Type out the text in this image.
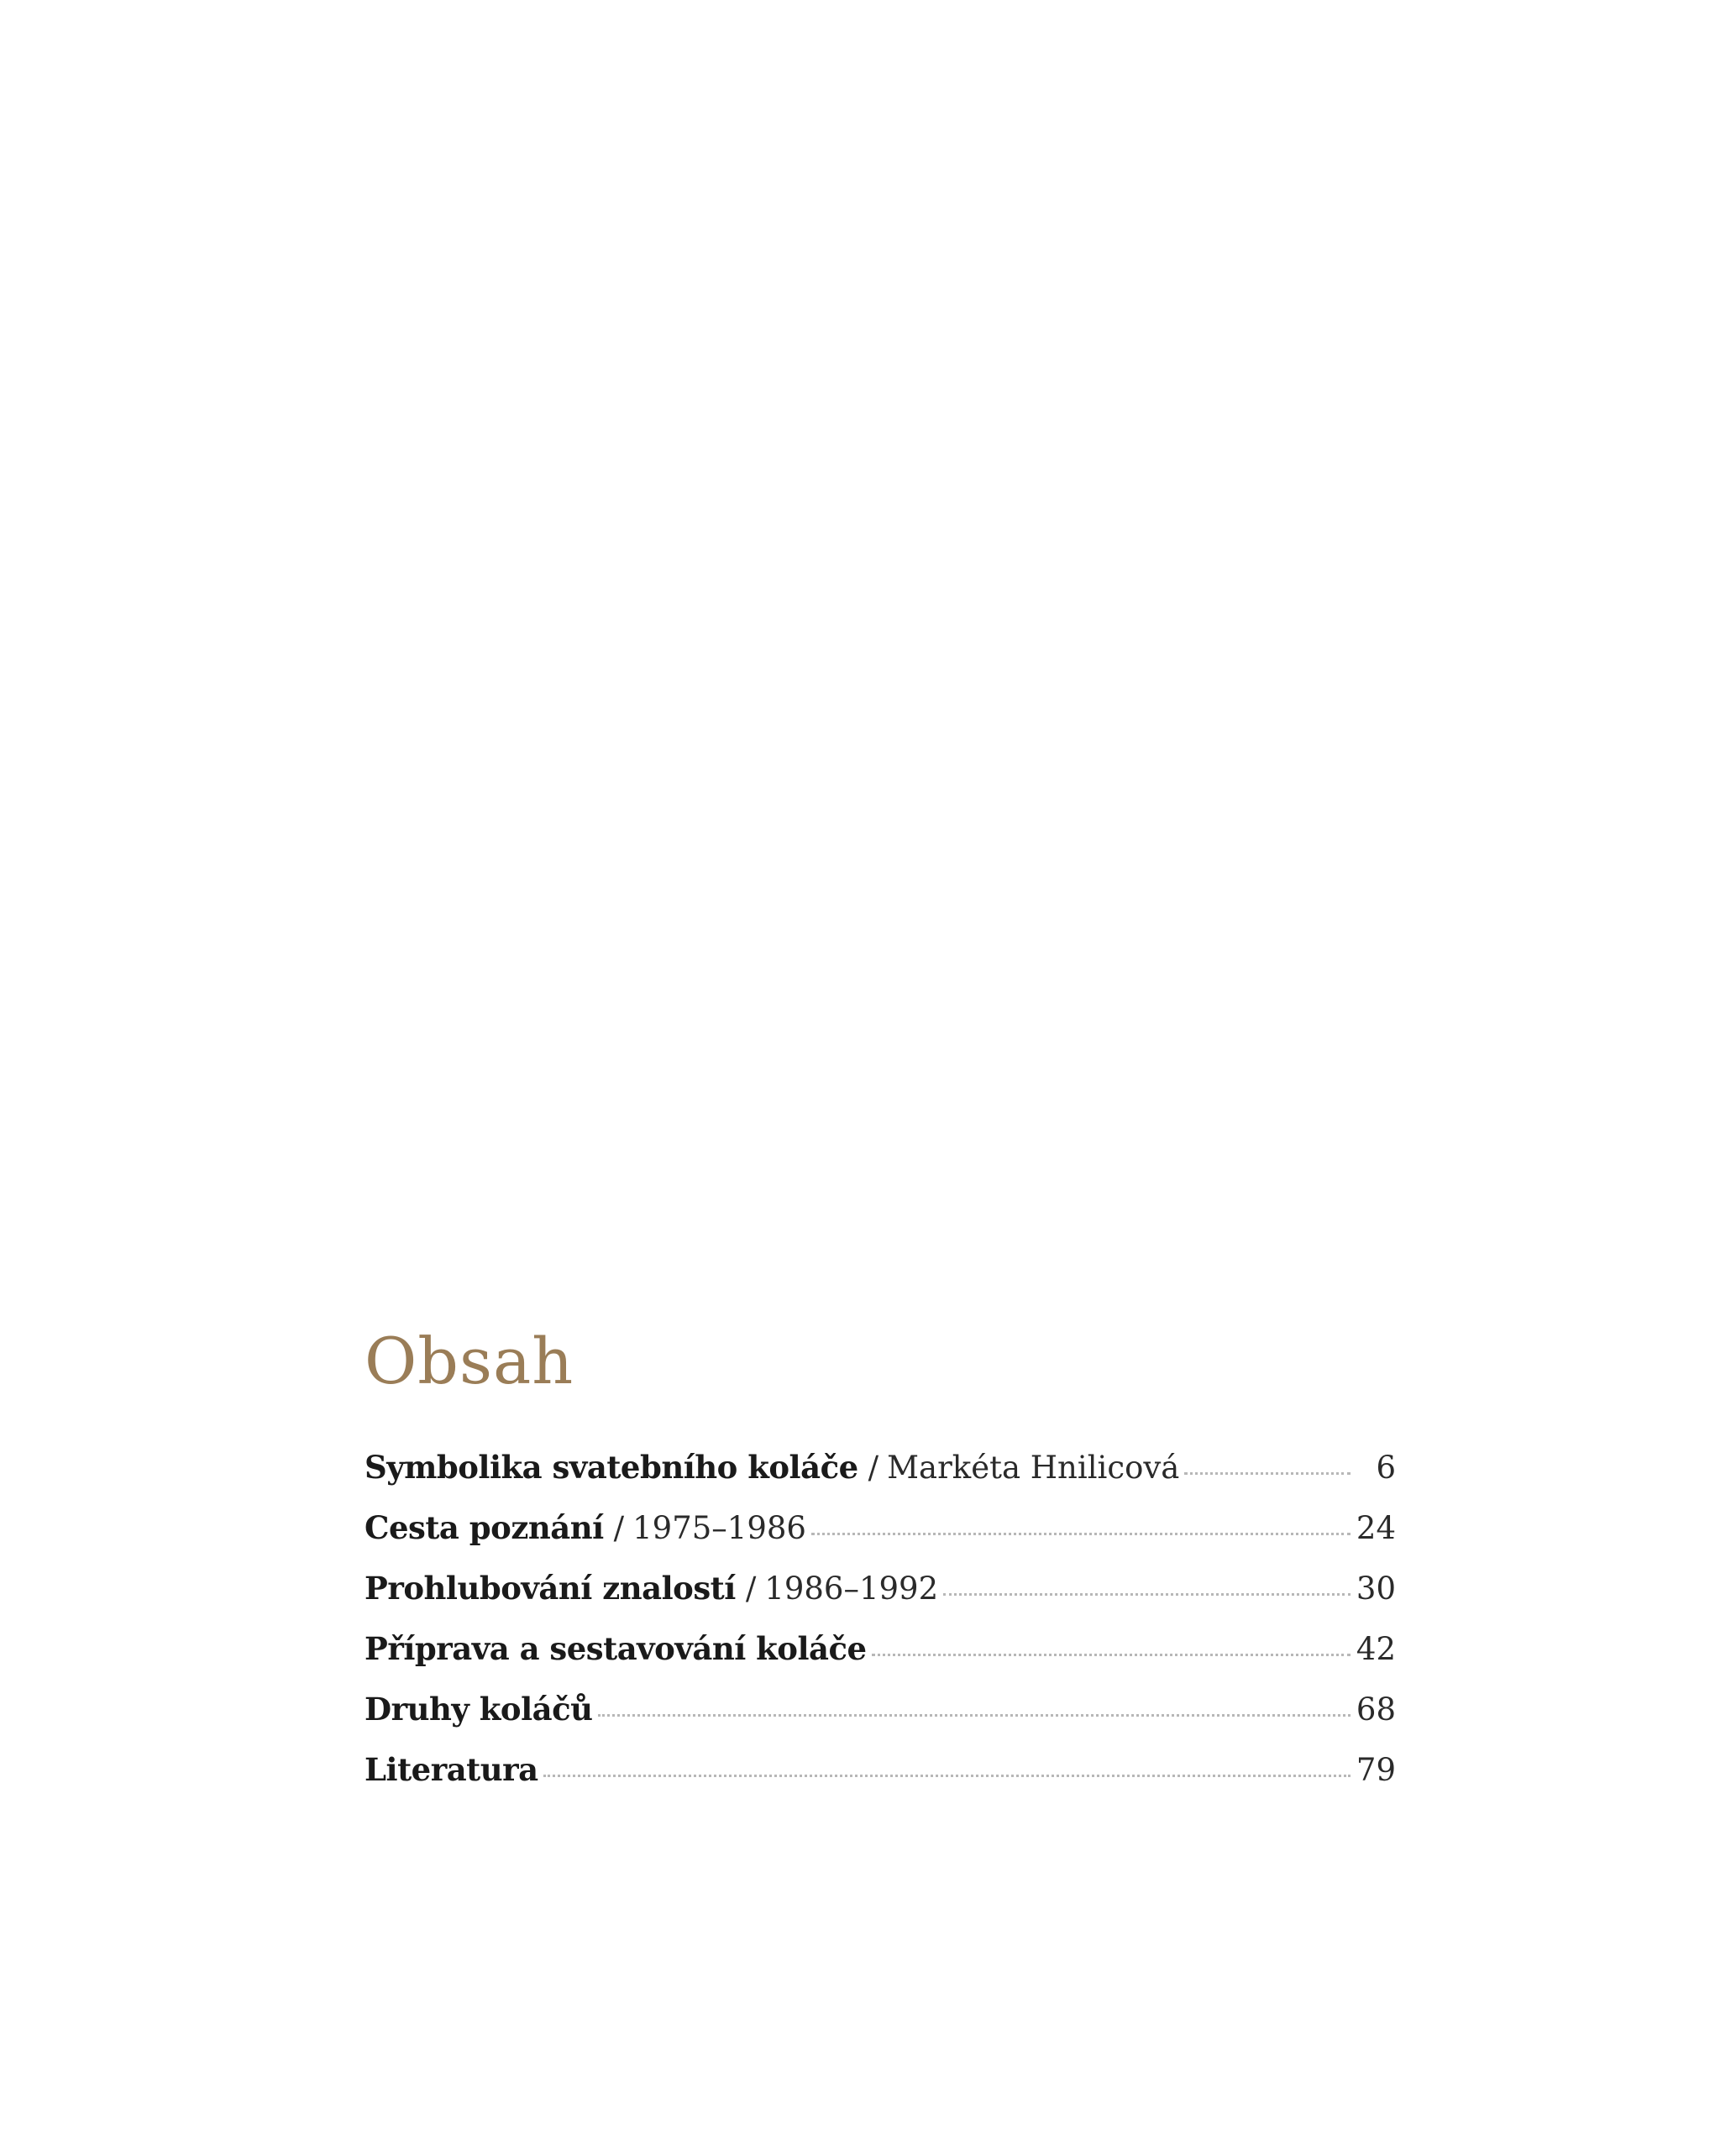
Obsah
Symbolika svatebního koláče / Markéta Hnilicová	6
Cesta poznání / 1975–1986	24
Prohlubování znalostí / 1986–1992	30
Příprava a sestavování koláče	42
Druhy koláčů	68
Literatura	79
